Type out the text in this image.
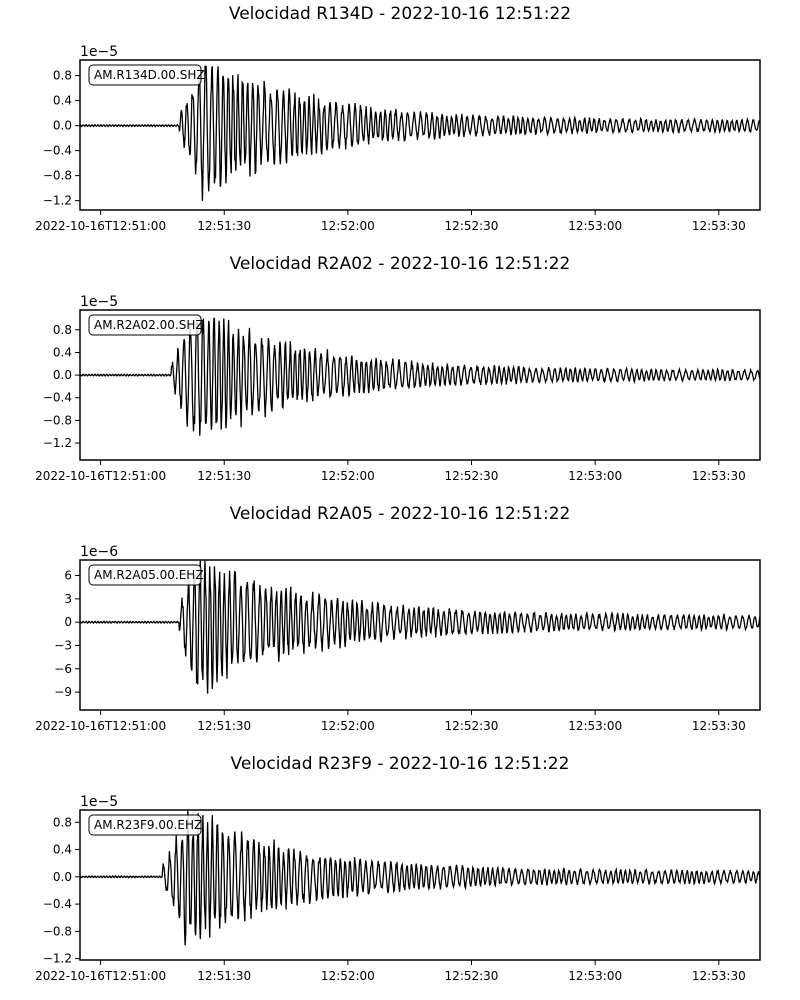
Velocidad R134D - 2022-10-16 12:51:22
1e−5
0.8
0.4
0.0
−0.4
−0.8
−1.2
2022-10-16T12:51:00	12:51:30	12:52:00	12:52:30	12:53:00	12:53:30
AM.R134D.00.SHZ
Velocidad R2A02 - 2022-10-16 12:51:22
1e−5
0.8
0.4
0.0
−0.4
−0.8
−1.2
2022-10-16T12:51:00	12:51:30	12:52:00	12:52:30	12:53:00	12:53:30
AM.R2A02.00.SHZ
Velocidad R2A05 - 2022-10-16 12:51:22
1e−6
6
3
0
−3
−6
−9
2022-10-16T12:51:00	12:51:30	12:52:00	12:52:30	12:53:00	12:53:30
AM.R2A05.00.EHZ
Velocidad R23F9 - 2022-10-16 12:51:22
1e−5
0.8
0.4
0.0
−0.4
−0.8
−1.2
2022-10-16T12:51:00	12:51:30	12:52:00	12:52:30	12:53:00	12:53:30
AM.R23F9.00.EHZ
